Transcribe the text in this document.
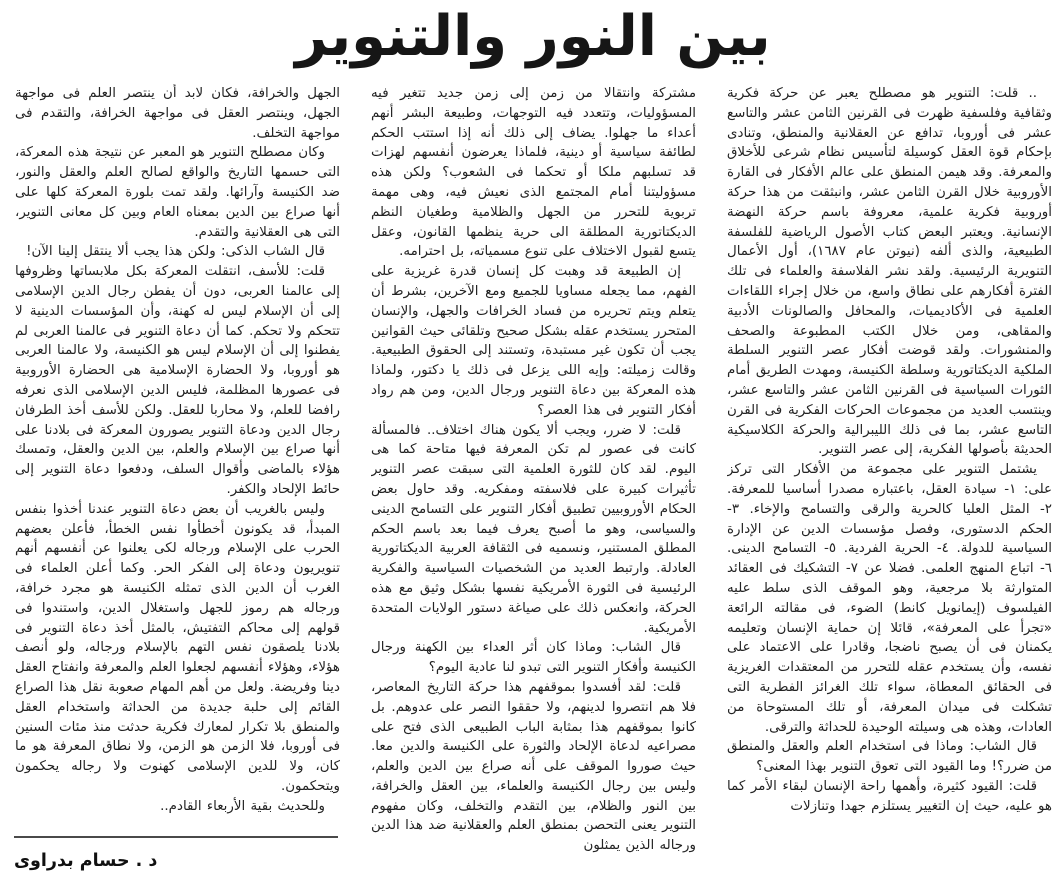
بين النور والتنوير

.. قلت: التنوير هو مصطلح يعبر عن حركة فكرية وثقافية وفلسفية ظهرت فى القرنين الثامن عشر والتاسع عشر فى أوروبا، تدافع عن العقلانية والمنطق، وتنادى بإحكام قوة العقل كوسيلة لتأسيس نظام شرعى للأخلاق والمعرفة. وقد هيمن المنطق على عالم الأفكار فى القارة الأوروبية خلال القرن الثامن عشر، وانبثقت من هذا حركة أوروبية فكرية علمية، معروفة باسم حركة النهضة الإنسانية. ويعتبر البعض كتاب الأصول الرياضية للفلسفة الطبيعية، والذى ألفه (نيوتن عام ١٦٨٧)، أول الأعمال التنويرية الرئيسية. ولقد نشر الفلاسفة والعلماء فى تلك الفترة أفكارهم على نطاق واسع، من خلال إجراء اللقاءات العلمية فى الأكاديميات، والمحافل والصالونات الأدبية والمقاهى، ومن خلال الكتب المطبوعة والصحف والمنشورات. ولقد قوضت أفكار عصر التنوير السلطة الملكية الديكتاتورية وسلطة الكنيسة، ومهدت الطريق أمام الثورات السياسية فى القرنين الثامن عشر والتاسع عشر، وينتسب العديد من مجموعات الحركات الفكرية فى القرن التاسع عشر، بما فى ذلك الليبرالية والحركة الكلاسيكية الحديثة بأصولها الفكرية، إلى عصر التنوير.

يشتمل التنوير على مجموعة من الأفكار التى تركز على: ١- سيادة العقل، باعتباره مصدرا أساسيا للمعرفة. ٢- المثل العليا كالحرية والرقى والتسامح والإخاء. ٣- الحكم الدستورى، وفصل مؤسسات الدين عن الإدارة السياسية للدولة. ٤- الحرية الفردية. ٥- التسامح الدينى. ٦- اتباع المنهج العلمى. فضلا عن ٧- التشكيك فى العقائد المتوارثة بلا مرجعية، وهو الموقف الذى سلط عليه الفيلسوف (إيمانويل كانط) الضوء، فى مقالته الرائعة «تجرأ على المعرفة»، قائلا إن حماية الإنسان وتعليمه يكمنان فى أن يصبح ناضجا، وقادرا على الاعتماد على نفسه، وأن يستخدم عقله للتحرر من المعتقدات الغريزية فى الحقائق المعطاة، سواء تلك الغرائز الفطرية التى تشكلت فى ميدان المعرفة، أو تلك المستوحاة من العادات، وهذه هى وسيلته الوحيدة للحداثة والترقى.

قال الشاب: وماذا فى استخدام العلم والعقل والمنطق من ضرر؟! وما القيود التى تعوق التنوير بهذا المعنى؟

قلت: القيود كثيرة، وأهمها راحة الإنسان لبقاء الأمر كما هو عليه، حيث إن التغيير يستلزم جهدا وتنازلات

مشتركة وانتقالا من زمن إلى زمن جديد تتغير فيه المسؤوليات، وتتعدد فيه التوجهات، وطبيعة البشر أنهم أعداء ما جهلوا. يضاف إلى ذلك أنه إذا استتب الحكم لطائفة سياسية أو دينية، فلماذا يعرضون أنفسهم لهزات قد تسلبهم ملكا أو تحكما فى الشعوب؟ ولكن هذه مسؤوليتنا أمام المجتمع الذى نعيش فيه، وهى مهمة تربوية للتحرر من الجهل والظلامية وطغيان النظم الديكتاتورية المطلقة الى حرية ينظمها القانون، وعقل يتسع لقبول الاختلاف على تنوع مسمياته، بل احترامه.

إن الطبيعة قد وهبت كل إنسان قدرة غريزية على الفهم، مما يجعله مساويا للجميع ومع الآخرين، بشرط أن يتعلم ويتم تحريره من فساد الخرافات والجهل، والإنسان المتحرر يستخدم عقله بشكل صحيح وتلقائى حيث القوانين يجب أن تكون غير مستبدة، وتستند إلى الحقوق الطبيعية. وقالت زميلته: وإيه اللى يزعل فى ذلك يا دكتور، ولماذا هذه المعركة بين دعاة التنوير ورجال الدين، ومن هم رواد أفكار التنوير فى هذا العصر؟

قلت: لا ضرر، ويجب ألا يكون هناك اختلاف.. فالمسألة كانت فى عصور لم تكن المعرفة فيها متاحة كما هى اليوم. لقد كان للثورة العلمية التى سبقت عصر التنوير تأثيرات كبيرة على فلاسفته ومفكريه. وقد حاول بعض الحكام الأوروبيين تطبيق أفكار التنوير على التسامح الدينى والسياسى، وهو ما أصبح يعرف فيما بعد باسم الحكم المطلق المستنير، ونسميه فى الثقافة العربية الديكتاتورية العادلة. وارتبط العديد من الشخصيات السياسية والفكرية الرئيسية فى الثورة الأمريكية نفسها بشكل وثيق مع هذه الحركة، وانعكس ذلك على صياغة دستور الولايات المتحدة الأمريكية.

قال الشاب: وماذا كان أثر العداء بين الكهنة ورجال الكنيسة وأفكار التنوير التى تبدو لنا عادية اليوم؟

قلت: لقد أفسدوا بموقفهم هذا حركة التاريخ المعاصر، فلا هم انتصروا لدينهم، ولا حققوا النصر على عدوهم. بل كانوا بموقفهم هذا بمثابة الباب الطبيعى الذى فتح على مصراعيه لدعاة الإلحاد والثورة على الكنيسة والدين معا. حيث صوروا الموقف على أنه صراع بين الدين والعلم، وليس بين رجال الكنيسة والعلماء، بين العقل والخرافة، بين النور والظلام، بين التقدم والتخلف، وكان مفهوم التنوير يعنى التحصن بمنطق العلم والعقلانية ضد هذا الدين ورجاله الذين يمثلون

الجهل والخرافة، فكان لابد أن ينتصر العلم فى مواجهة الجهل، وينتصر العقل فى مواجهة الخرافة، والتقدم فى مواجهة التخلف.

وكان مصطلح التنوير هو المعبر عن نتيجة هذه المعركة، التى حسمها التاريخ والواقع لصالح العلم والعقل والنور، ضد الكنيسة وآرائها. ولقد تمت بلورة المعركة كلها على أنها صراع بين الدين بمعناه العام وبين كل معانى التنوير، التى هى العقلانية والتقدم.

قال الشاب الذكى: ولكن هذا يجب ألا ينتقل إلينا الآن!

قلت: للأسف، انتقلت المعركة بكل ملابساتها وظروفها إلى عالمنا العربى، دون أن يفطن رجال الدين الإسلامى إلى أن الإسلام ليس له كهنة، وأن المؤسسات الدينية لا تتحكم ولا تحكم. كما أن دعاة التنوير فى عالمنا العربى لم يفطنوا إلى أن الإسلام ليس هو الكنيسة، ولا عالمنا العربى هو أوروبا، ولا الحضارة الإسلامية هى الحضارة الأوروبية فى عصورها المظلمة، فليس الدين الإسلامى الذى نعرفه رافضا للعلم، ولا محاربا للعقل. ولكن للأسف أخذ الطرفان رجال الدين ودعاة التنوير يصورون المعركة فى بلادنا على أنها صراع بين الإسلام والعلم، بين الدين والعقل، وتمسك هؤلاء بالماضى وأقوال السلف، ودفعوا دعاة التنوير إلى حائط الإلحاد والكفر.

وليس بالغريب أن بعض دعاة التنوير عندنا أخذوا بنفس المبدأ، قد يكونون أخطأوا نفس الخطأ، فأعلن بعضهم الحرب على الإسلام ورجاله لكى يعلنوا عن أنفسهم أنهم تنويريون ودعاة إلى الفكر الحر. وكما أعلن العلماء فى الغرب أن الدين الذى تمثله الكنيسة هو مجرد خرافة، ورجاله هم رموز للجهل واستغلال الدين، واستندوا فى قولهم إلى محاكم التفتيش، بالمثل أخذ دعاة التنوير فى بلادنا يلصقون نفس التهم بالإسلام ورجاله، ولو أنصف هؤلاء، وهؤلاء أنفسهم لجعلوا العلم والمعرفة وانفتاح العقل دينا وفريضة. ولعل من أهم المهام صعوبة نقل هذا الصراع القائم إلى حلبة جديدة من الحداثة واستخدام العقل والمنطق بلا تكرار لمعارك فكرية حدثت منذ مئات السنين فى أوروبا، فلا الزمن هو الزمن، ولا نطاق المعرفة هو ما كان، ولا للدين الإسلامى كهنوت ولا رجاله يحكمون ويتحكمون.

وللحديث بقية الأربعاء القادم..

د . حسام بدراوى
